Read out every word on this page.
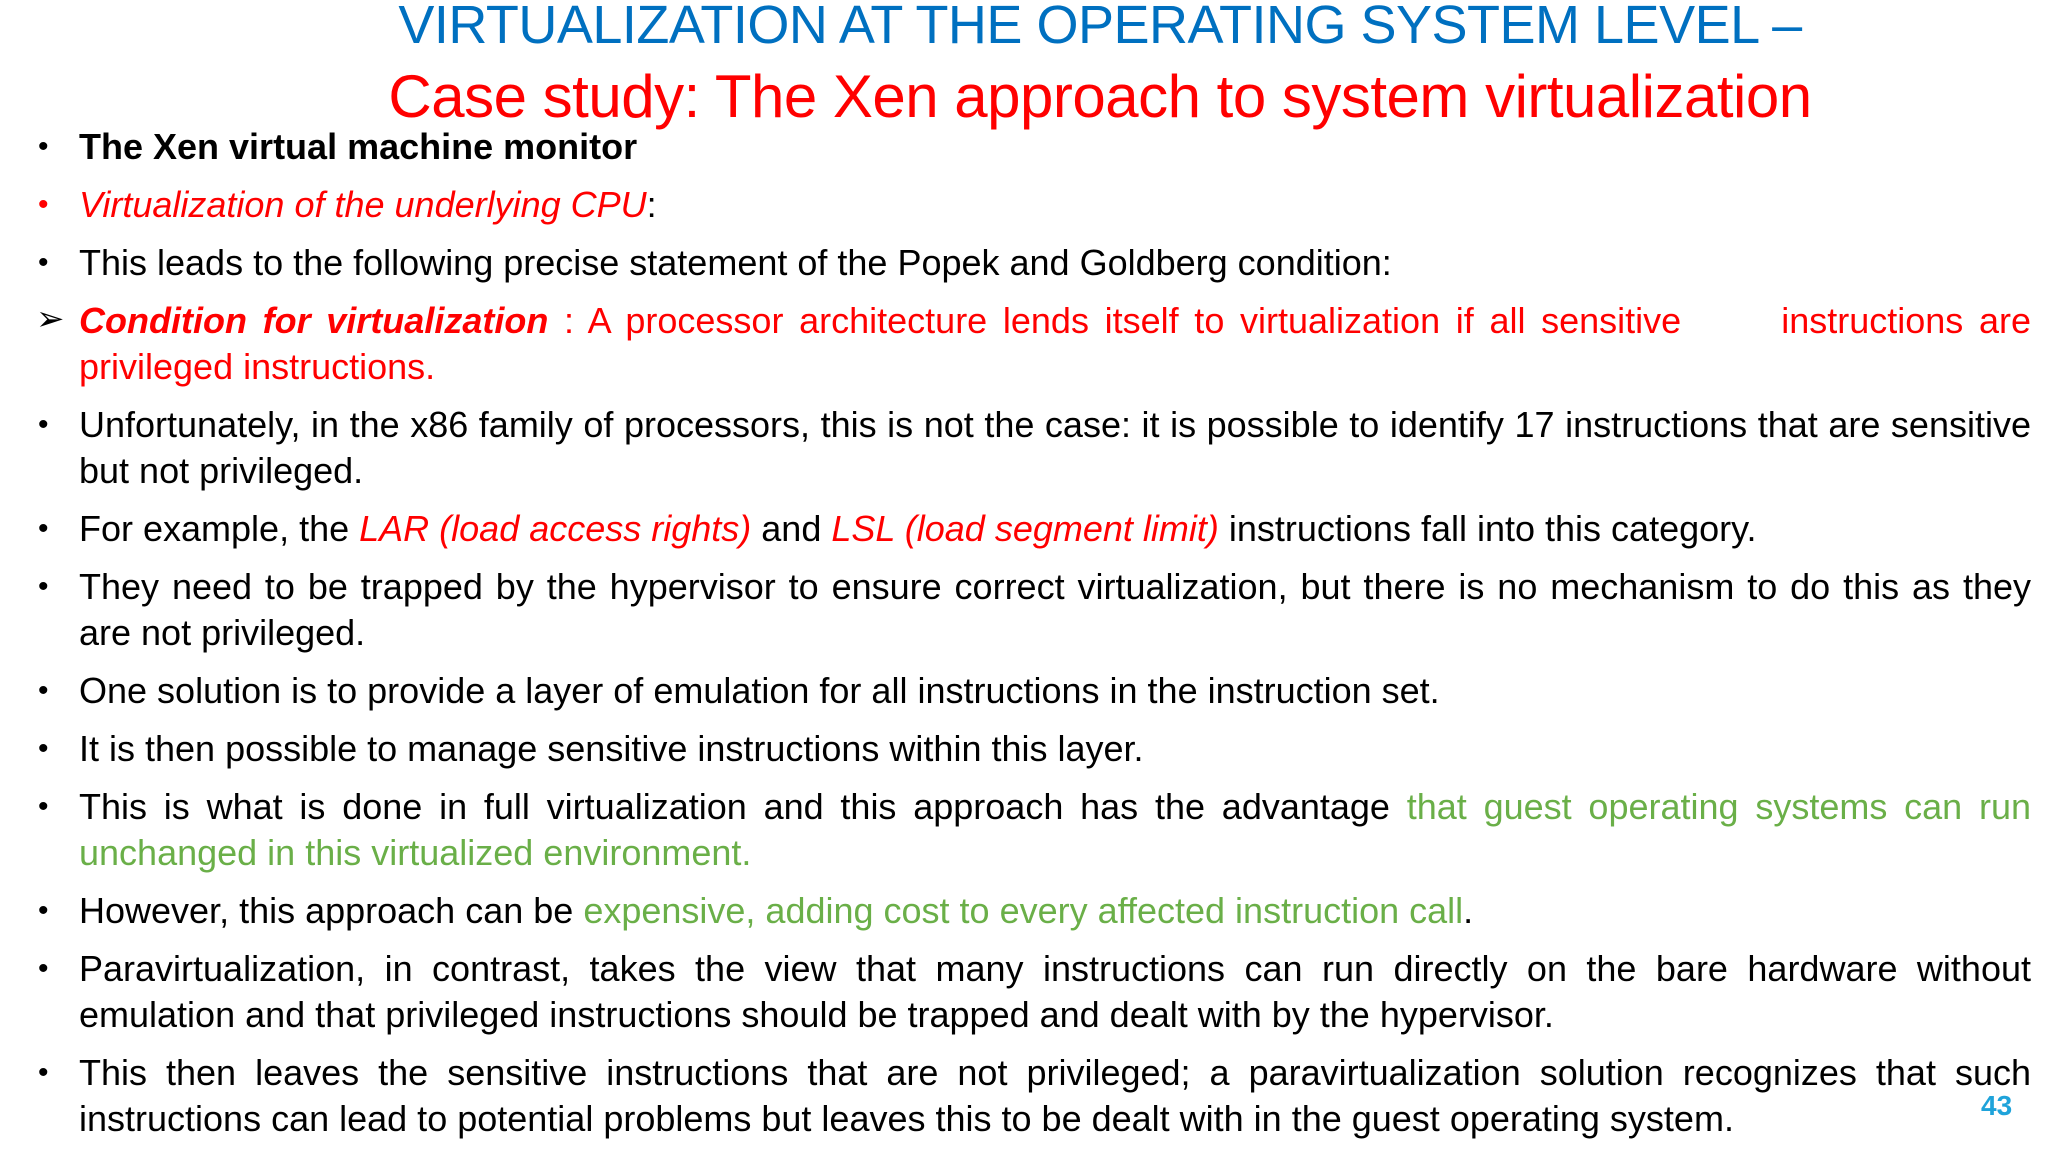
VIRTUALIZATION AT THE OPERATING SYSTEM LEVEL –
Case study: The Xen approach to system virtualization
• The Xen virtual machine monitor
• Virtualization of the underlying CPU:
• This leads to the following precise statement of the Popek and Goldberg condition:
➢ Condition for virtualization : A processor architecture lends itself to virtualization if all sensitive	instructions are privileged instructions.
• Unfortunately, in the x86 family of processors, this is not the case: it is possible to identify 17 instructions that are sensitive but not privileged.
• For example, the LAR (load access rights) and LSL (load segment limit) instructions fall into this category.
• They need to be trapped by the hypervisor to ensure correct virtualization, but there is no mechanism to do this as they are not privileged.
• One solution is to provide a layer of emulation for all instructions in the instruction set.
• It is then possible to manage sensitive instructions within this layer.
• This is what is done in full virtualization and this approach has the advantage that guest operating systems can run unchanged in this virtualized environment.
• However, this approach can be expensive, adding cost to every affected instruction call.
• Paravirtualization, in contrast, takes the view that many instructions can run directly on the bare hardware without emulation and that privileged instructions should be trapped and dealt with by the hypervisor.
• This then leaves the sensitive instructions that are not privileged; a paravirtualization solution recognizes that such instructions can lead to potential problems but leaves this to be dealt with in the guest operating system.	43
